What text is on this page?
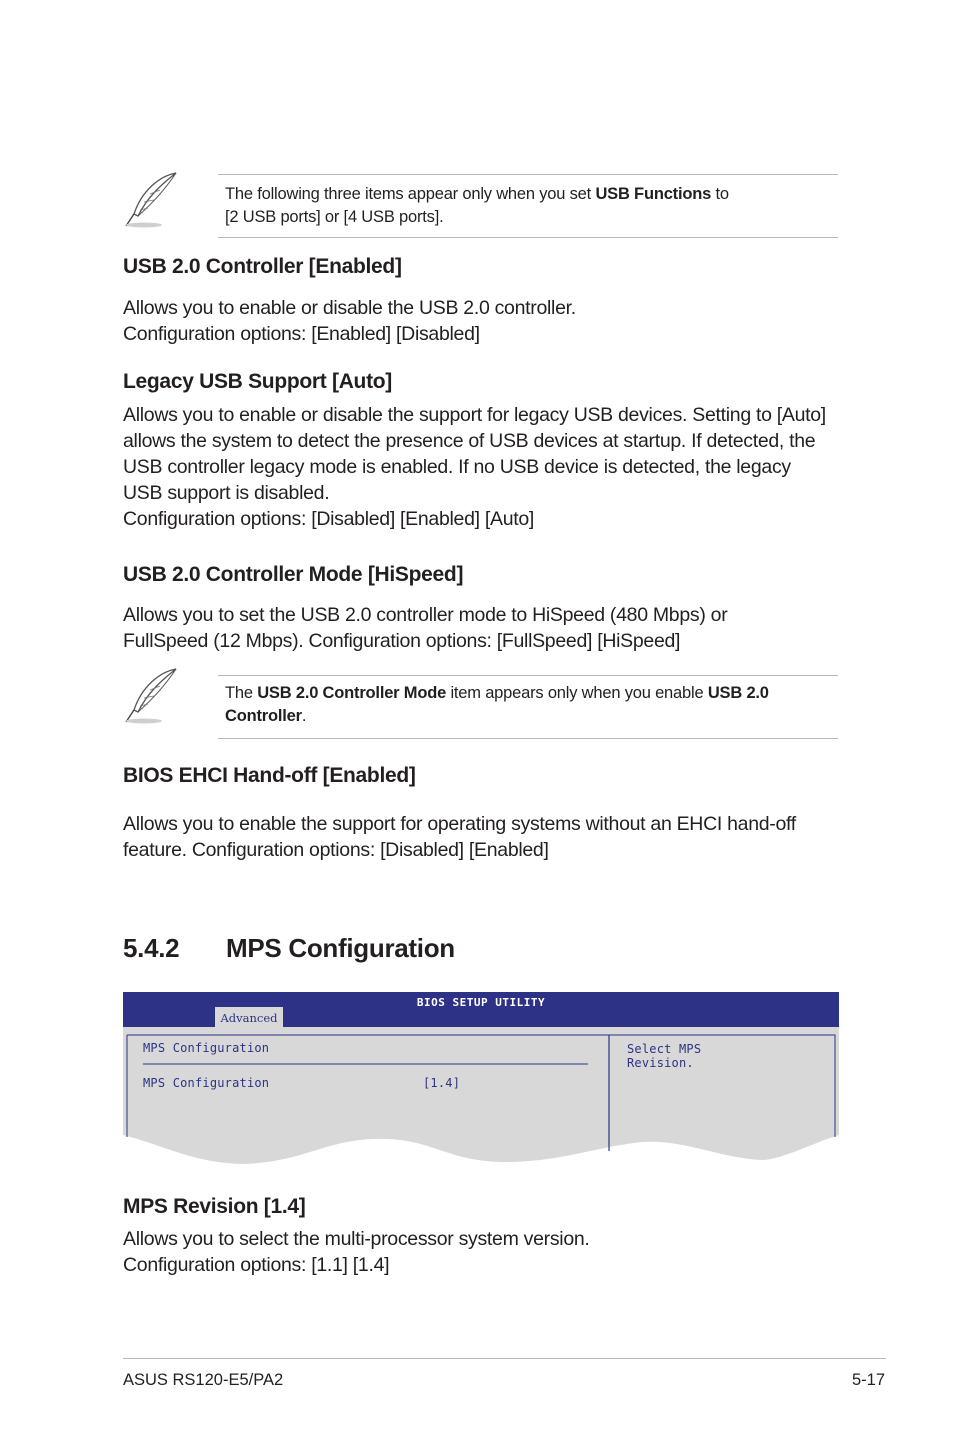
The following three items appear only when you set USB Functions to
[2 USB ports] or [4 USB ports].
USB 2.0 Controller [Enabled]

Allows you to enable or disable the USB 2.0 controller.

Configuration options: [Enabled] [Disabled]

Legacy USB Support [Auto]

Allows you to enable or disable the support for legacy USB devices. Setting to [Auto]

allows the system to detect the presence of USB devices at startup. If detected, the

USB controller legacy mode is enabled. If no USB device is detected, the legacy

USB support is disabled.

Configuration options: [Disabled] [Enabled] [Auto]

USB 2.0 Controller Mode [HiSpeed]

Allows you to set the USB 2.0 controller mode to HiSpeed (480 Mbps) or

FullSpeed (12 Mbps). Configuration options: [FullSpeed] [HiSpeed]

The USB 2.0 Controller Mode item appears only when you enable USB 2.0
Controller.
BIOS EHCI Hand-off [Enabled]

Allows you to enable the support for operating systems without an EHCI hand-off

feature. Configuration options: [Disabled] [Enabled]

5.4.2 MPS Configuration
BIOS SETUP UTILITY
Advanced
MPS Configuration
MPS Configuration	[1.4]
Select MPS
Revision.
MPS Revision [1.4]

Allows you to select the multi-processor system version.

Configuration options: [1.1] [1.4]

ASUS RS120-E5/PA2	5-17
